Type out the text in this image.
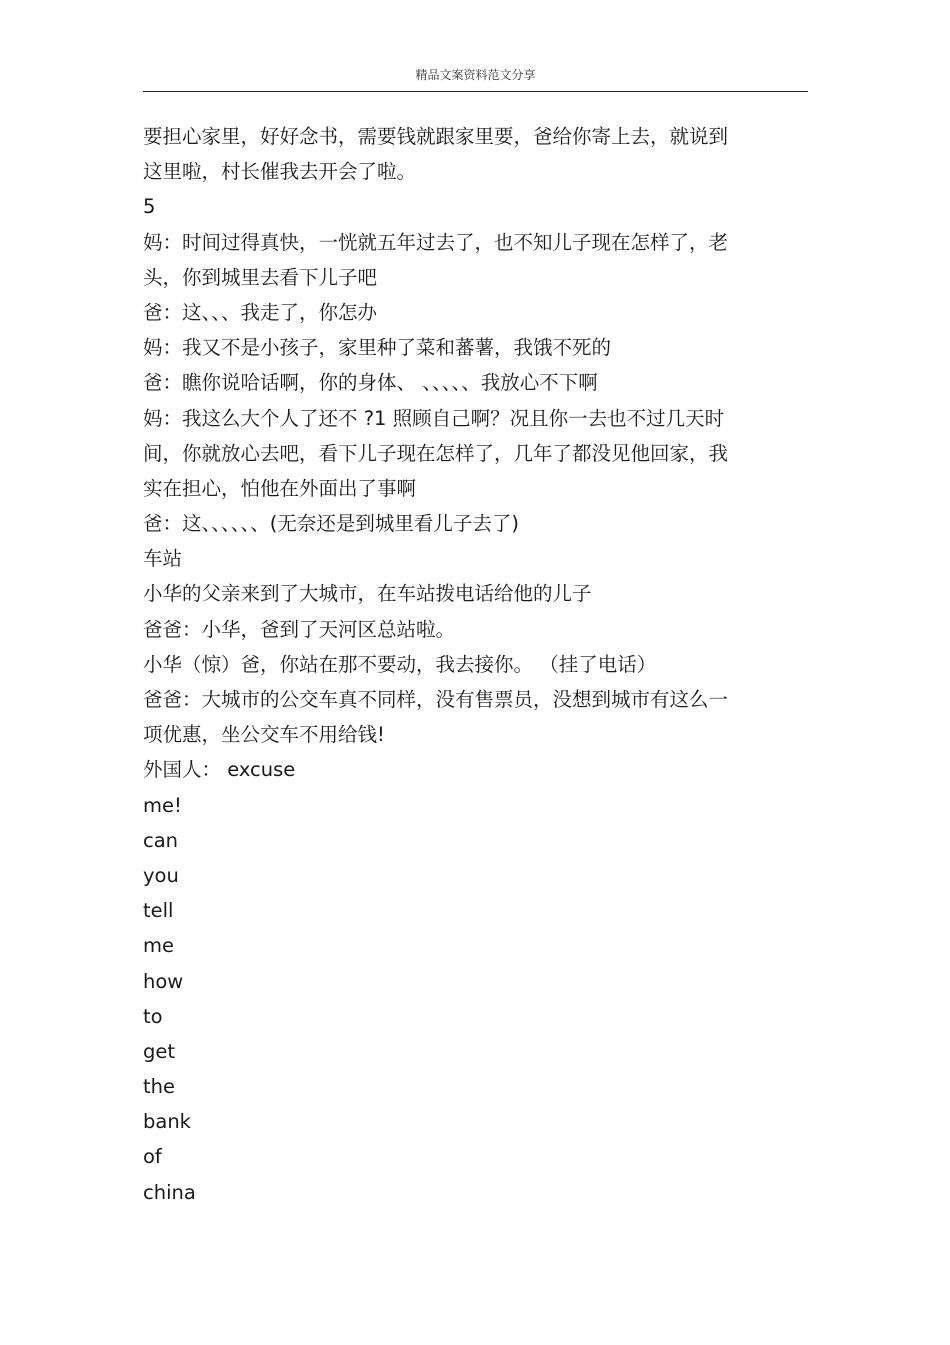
精品文案资料范文分享
要担心家里，好好念书，需要钱就跟家里要，爸给你寄上去，就说到
这里啦，村长催我去开会了啦。
5
妈：时间过得真快，一恍就五年过去了，也不知儿子现在怎样了，老
头，你到城里去看下儿子吧
爸：这、、、我走了，你怎办
妈：我又不是小孩子，家里种了菜和蕃薯，我饿不死的
爸：瞧你说哈话啊，你的身体、 、、、、、我放心不下啊
妈：我这么大个人了还不 ?1 照顾自己啊？况且你一去也不过几天时
间，你就放心去吧，看下儿子现在怎样了，几年了都没见他回家，我
实在担心，怕他在外面出了事啊
爸：这、、、、、、(无奈还是到城里看儿子去了)
车站
小华的父亲来到了大城市，在车站拨电话给他的儿子
爸爸：小华，爸到了天河区总站啦。
小华（惊）爸，你站在那不要动，我去接你。 （挂了电话）
爸爸：大城市的公交车真不同样，没有售票员，没想到城市有这么一
项优惠，坐公交车不用给钱!
外国人： excuse
me!
can
you
tell
me
how
to
get
the
bank
of
china
